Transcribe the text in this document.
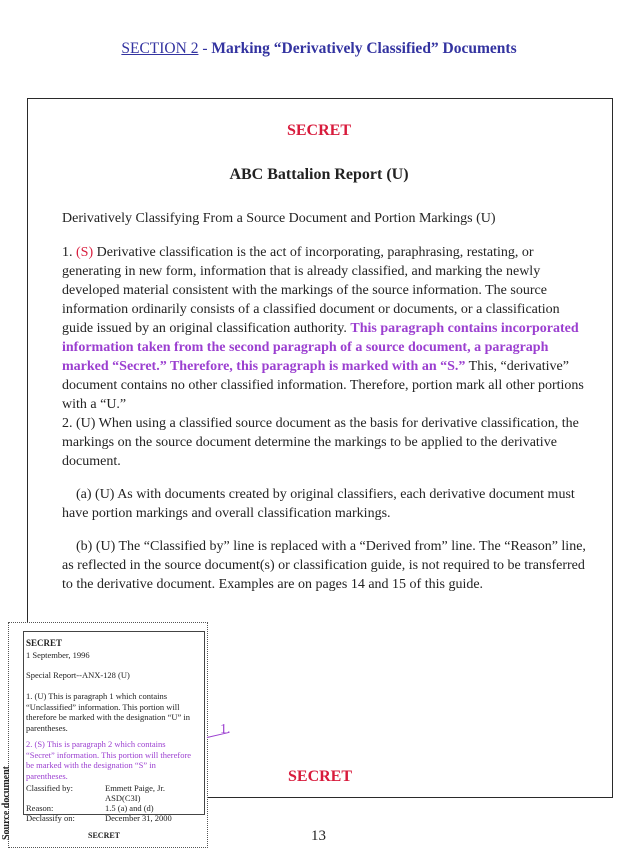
SECTION 2 - Marking “Derivatively Classified” Documents
SECRET
ABC Battalion Report (U)
Derivatively Classifying From a Source Document and Portion Markings (U)
1. (S) Derivative classification is the act of incorporating, paraphrasing, restating, or generating in new form, information that is already classified, and marking the newly developed material consistent with the markings of the source information. The source information ordinarily consists of a classified document or documents, or a classification guide issued by an original classification authority. This paragraph contains incorporated information taken from the second paragraph of a source document, a paragraph marked “Secret.” Therefore, this paragraph is marked with an “S.” This, “derivative” document contains no other classified information. Therefore, portion mark all other portions with a “U.”
2. (U) When using a classified source document as the basis for derivative classification, the markings on the source document determine the markings to be applied to the derivative document.
(a) (U) As with documents created by original classifiers, each derivative document must have portion markings and overall classification markings.
(b) (U) The “Classified by” line is replaced with a “Derived from” line. The “Reason” line, as reflected in the source document(s) or classification guide, is not required to be transferred to the derivative document. Examples are on pages 14 and 15 of this guide.
SECRET
13
Source document
SECRET
1 September, 1996
Special Report--ANX-128 (U)
1. (U) This is paragraph 1 which contains “Unclassified” information. This portion will therefore be marked with the designation “U” in parentheses.
2. (S) This is paragraph 2 which contains “Secret” information. This portion will therefore be marked with the designation “S” in parentheses.
Classified by:	Emmett Paige, Jr.
ASD(C3I)
Reason:	1.5 (a) and (d)
Declassify on:	December 31, 2000
SECRET
1.
